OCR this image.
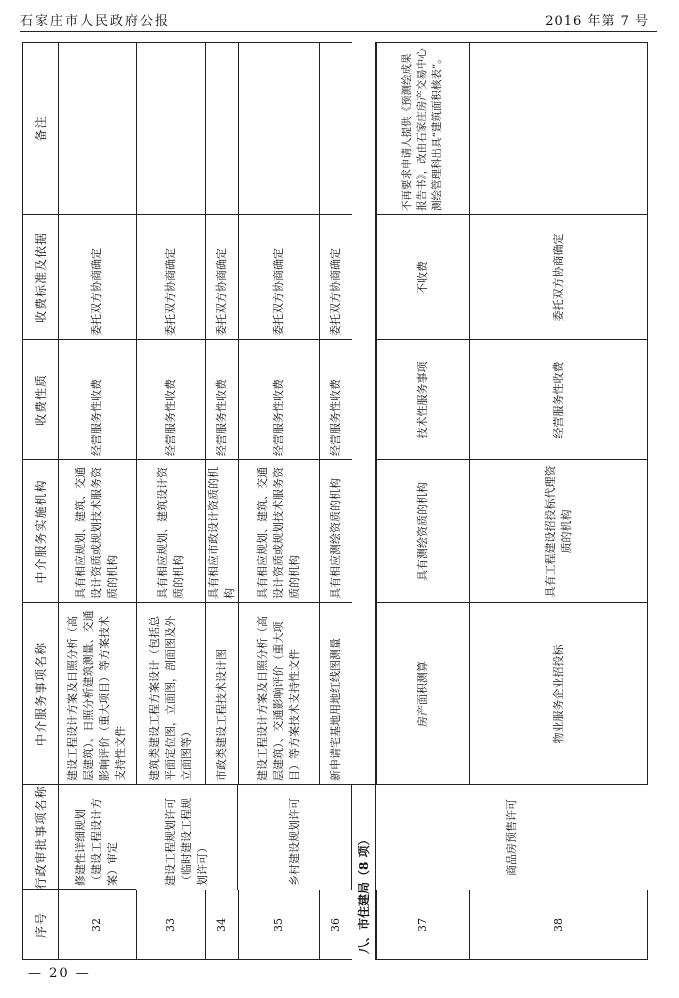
石家庄市人民政府公报	2016 年第 7 号
序号
行政审批事项名称
中介服务事项名称
中介服务实施机构
收费性质
收费标准及依据
备注
32
修建性详细规划（建设工程设计方案）审定
建设工程设计方案及日照分析（高层建筑）、日照分析建筑测量、交通影响评价（重大项目）等方案技术支持性文件
具有相应规划、建筑、交通设计资质或规划技术服务资质的机构
经营服务性收费
委托双方协商确定
33
建筑类建设工程方案设计（包括总平面定位图，立面图，剖面图及外立面图等）
具有相应规划、建筑设计资质的机构
经营服务性收费
委托双方协商确定
建设工程规划许可（临时建设工程规划许可）
34
市政类建设工程技术设计图
具有相应市政设计资质的机构
经营服务性收费
委托双方协商确定
35
建设工程设计方案及日照分析（高层建筑）、交通影响评价（重大项目）等方案技术支持性文件
具有相应规划、建筑、交通设计资质或规划技术服务资质的机构
经营服务性收费
委托双方协商确定
乡村建设规划许可
36
新申请宅基地用地红线图测量
具有相应测绘资质的机构
经营服务性收费
委托双方协商确定
八、市住建局（8 项）	37
房产面积测算
具有测绘资质的机构
技术性服务事项
不收费
不再要求申请人提供《预测绘成果报告书》，改由石家庄房产交易中心测绘管理科出具“建筑面积核表”。
商品房预售许可
38
物业服务企业招投标
具有工程建设招投标代理资质的机构
经营服务性收费
委托双方协商确定
— 20 —
